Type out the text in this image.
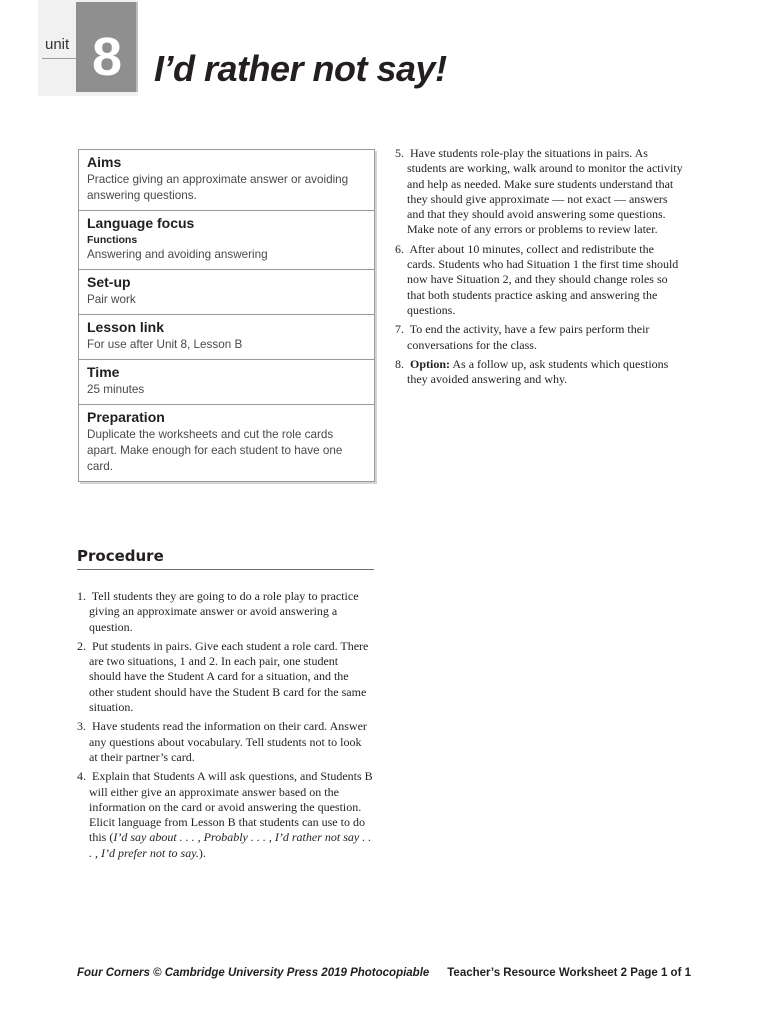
unit 8 I’d rather not say!
Aims
Practice giving an approximate answer or avoiding answering questions.
Language focus
Functions
Answering and avoiding answering
Set-up
Pair work
Lesson link
For use after Unit 8, Lesson B
Time
25 minutes
Preparation
Duplicate the worksheets and cut the role cards apart. Make enough for each student to have one card.
Procedure
1. Tell students they are going to do a role play to practice giving an approximate answer or avoid answering a question.
2. Put students in pairs. Give each student a role card. There are two situations, 1 and 2. In each pair, one student should have the Student A card for a situation, and the other student should have the Student B card for the same situation.
3. Have students read the information on their card. Answer any questions about vocabulary. Tell students not to look at their partner’s card.
4. Explain that Students A will ask questions, and Students B will either give an approximate answer based on the information on the card or avoid answering the question. Elicit language from Lesson B that students can use to do this (I’d say about . . . , Probably . . . , I’d rather not say . . . , I’d prefer not to say.).
5. Have students role-play the situations in pairs. As students are working, walk around to monitor the activity and help as needed. Make sure students understand that they should give approximate — not exact — answers and that they should avoid answering some questions. Make note of any errors or problems to review later.
6. After about 10 minutes, collect and redistribute the cards. Students who had Situation 1 the first time should now have Situation 2, and they should change roles so that both students practice asking and answering the questions.
7. To end the activity, have a few pairs perform their conversations for the class.
8. Option: As a follow up, ask students which questions they avoided answering and why.
Four Corners © Cambridge University Press 2019 Photocopiable Teacher’s Resource Worksheet 2 Page 1 of 1
